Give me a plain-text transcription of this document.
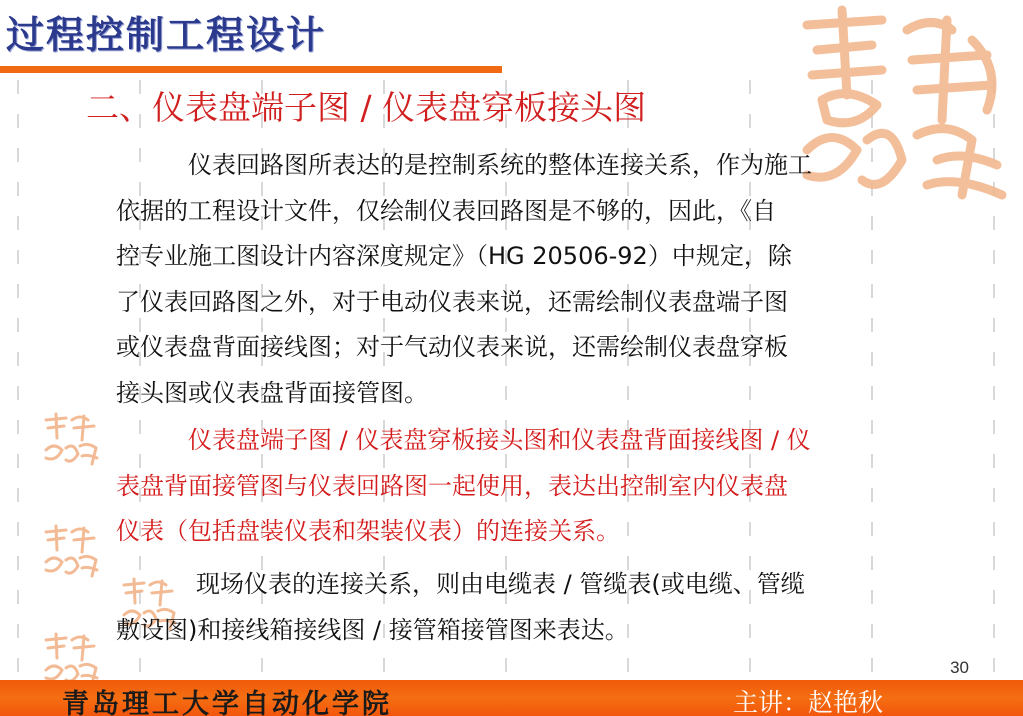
过程控制工程设计
二、仪表盘端子图 / 仪表盘穿板接头图
仪表回路图所表达的是控制系统的整体连接关系，作为施工
依据的工程设计文件，仅绘制仪表回路图是不够的，因此，《自
控专业施工图设计内容深度规定》（HG 20506-92）中规定，除
了仪表回路图之外，对于电动仪表来说，还需绘制仪表盘端子图
或仪表盘背面接线图；对于气动仪表来说，还需绘制仪表盘穿板
接头图或仪表盘背面接管图。
仪表盘端子图 / 仪表盘穿板接头图和仪表盘背面接线图 / 仪
表盘背面接管图与仪表回路图一起使用，表达出控制室内仪表盘
仪表（包括盘装仪表和架装仪表）的连接关系。
现场仪表的连接关系，则由电缆表 / 管缆表(或电缆、管缆
敷设图)和接线箱接线图 / 接管箱接管图来表达。
30
青岛理工大学自动化学院	主讲：赵艳秋
